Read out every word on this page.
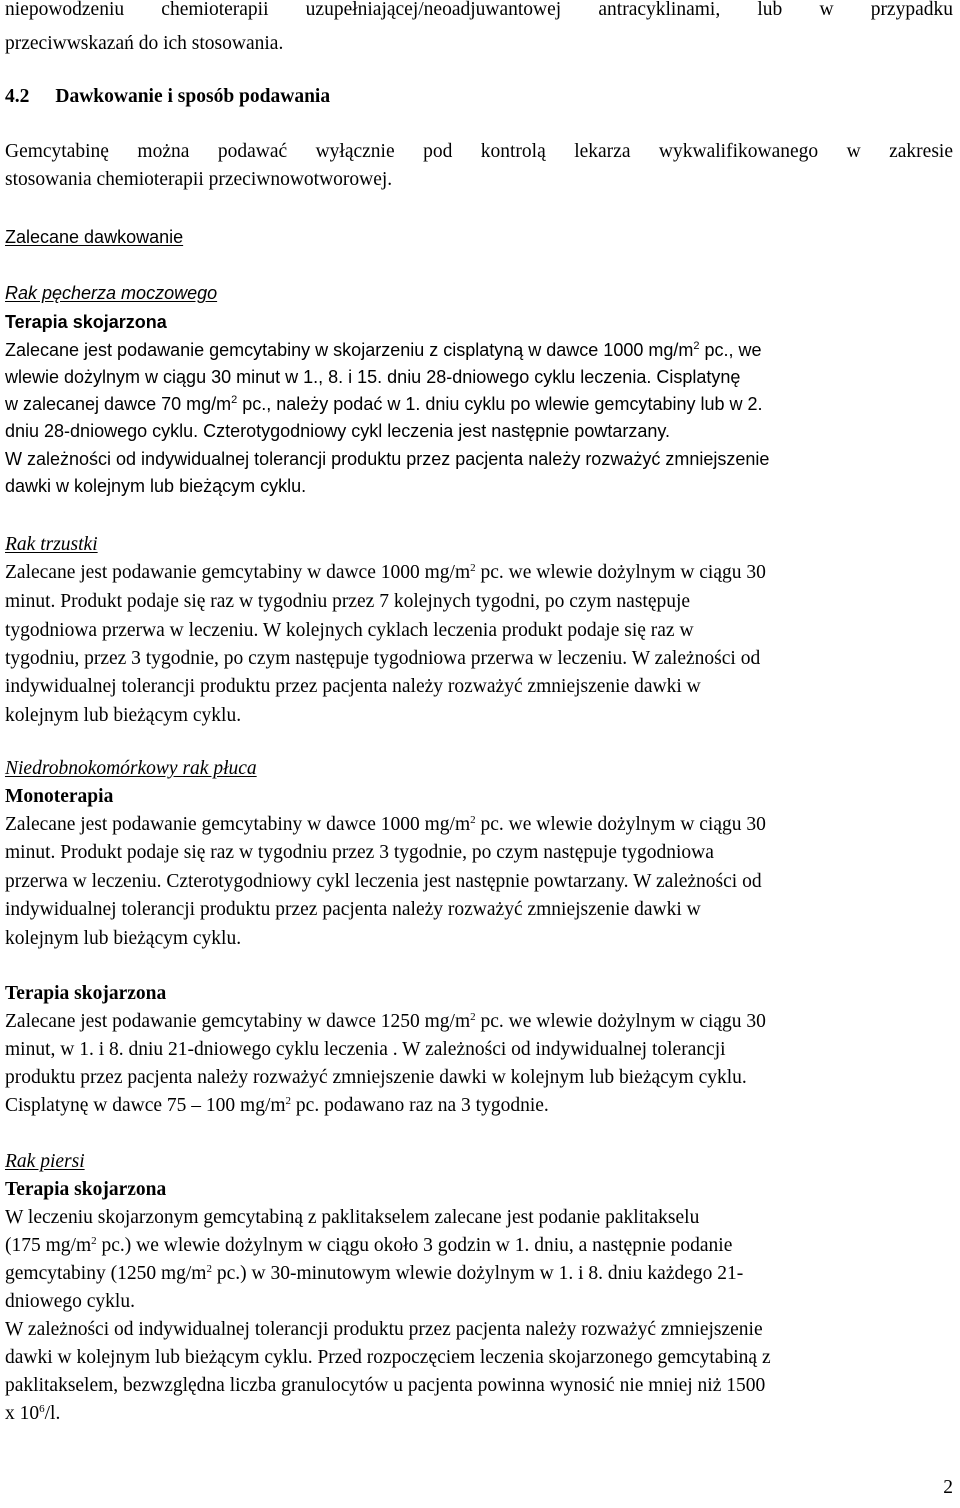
niepowodzeniu chemioterapii uzupełniającej/neoadjuwantowej antracyklinami, lub w przypadku
przeciwwskazań do ich stosowania.
4.2 Dawkowanie i sposób podawania
Gemcytabinę można podawać wyłącznie pod kontrolą lekarza wykwalifikowanego w zakresie
stosowania chemioterapii przeciwnowotworowej.
Zalecane dawkowanie
Rak pęcherza moczowego
Terapia skojarzona
Zalecane jest podawanie gemcytabiny w skojarzeniu z cisplatyną w dawce 1000 $mg/m^2$ pc., we
wlewie dożylnym w ciągu 30 minut w 1., 8. i 15. dniu 28-dniowego cyklu leczenia. Cisplatynę
w zalecanej dawce 70 $mg/m^2$ pc., należy podać w 1. dniu cyklu po wlewie gemcytabiny lub w 2.
dniu 28-dniowego cyklu. Czterotygodniowy cykl leczenia jest następnie powtarzany.
W zależności od indywidualnej tolerancji produktu przez pacjenta należy rozważyć zmniejszenie
dawki w kolejnym lub bieżącym cyklu.
Rak trzustki
Zalecane jest podawanie gemcytabiny w dawce 1000 $mg/m^2$ pc. we wlewie dożylnym w ciągu 30
minut. Produkt podaje się raz w tygodniu przez 7 kolejnych tygodni, po czym następuje
tygodniowa przerwa w leczeniu. W kolejnych cyklach leczenia produkt podaje się raz w
tygodniu, przez 3 tygodnie, po czym następuje tygodniowa przerwa w leczeniu. W zależności od
indywidualnej tolerancji produktu przez pacjenta należy rozważyć zmniejszenie dawki w
kolejnym lub bieżącym cyklu.
Niedrobnokomórkowy rak płuca
Monoterapia
Zalecane jest podawanie gemcytabiny w dawce 1000 $mg/m^2$ pc. we wlewie dożylnym w ciągu 30
minut. Produkt podaje się raz w tygodniu przez 3 tygodnie, po czym następuje tygodniowa
przerwa w leczeniu. Czterotygodniowy cykl leczenia jest następnie powtarzany. W zależności od
indywidualnej tolerancji produktu przez pacjenta należy rozważyć zmniejszenie dawki w
kolejnym lub bieżącym cyklu.
Terapia skojarzona
Zalecane jest podawanie gemcytabiny w dawce 1250 $mg/m^2$ pc. we wlewie dożylnym w ciągu 30
minut, w 1. i 8. dniu 21-dniowego cyklu leczenia . W zależności od indywidualnej tolerancji
produktu przez pacjenta należy rozważyć zmniejszenie dawki w kolejnym lub bieżącym cyklu.
Cisplatynę w dawce 75 – 100 $mg/m^2$ pc. podawano raz na 3 tygodnie.
Rak piersi
Terapia skojarzona
W leczeniu skojarzonym gemcytabiną z paklitakselem zalecane jest podanie paklitakselu
(175 $mg/m^2$ pc.) we wlewie dożylnym w ciągu około 3 godzin w 1. dniu, a następnie podanie
gemcytabiny (1250 $mg/m^2$ pc.) w 30-minutowym wlewie dożylnym w 1. i 8. dniu każdego 21-
dniowego cyklu.
W zależności od indywidualnej tolerancji produktu przez pacjenta należy rozważyć zmniejszenie
dawki w kolejnym lub bieżącym cyklu. Przed rozpoczęciem leczenia skojarzonego gemcytabiną z
paklitakselem, bezwzględna liczba granulocytów u pacjenta powinna wynosić nie mniej niż 1500
x $10^6/l$.
2
